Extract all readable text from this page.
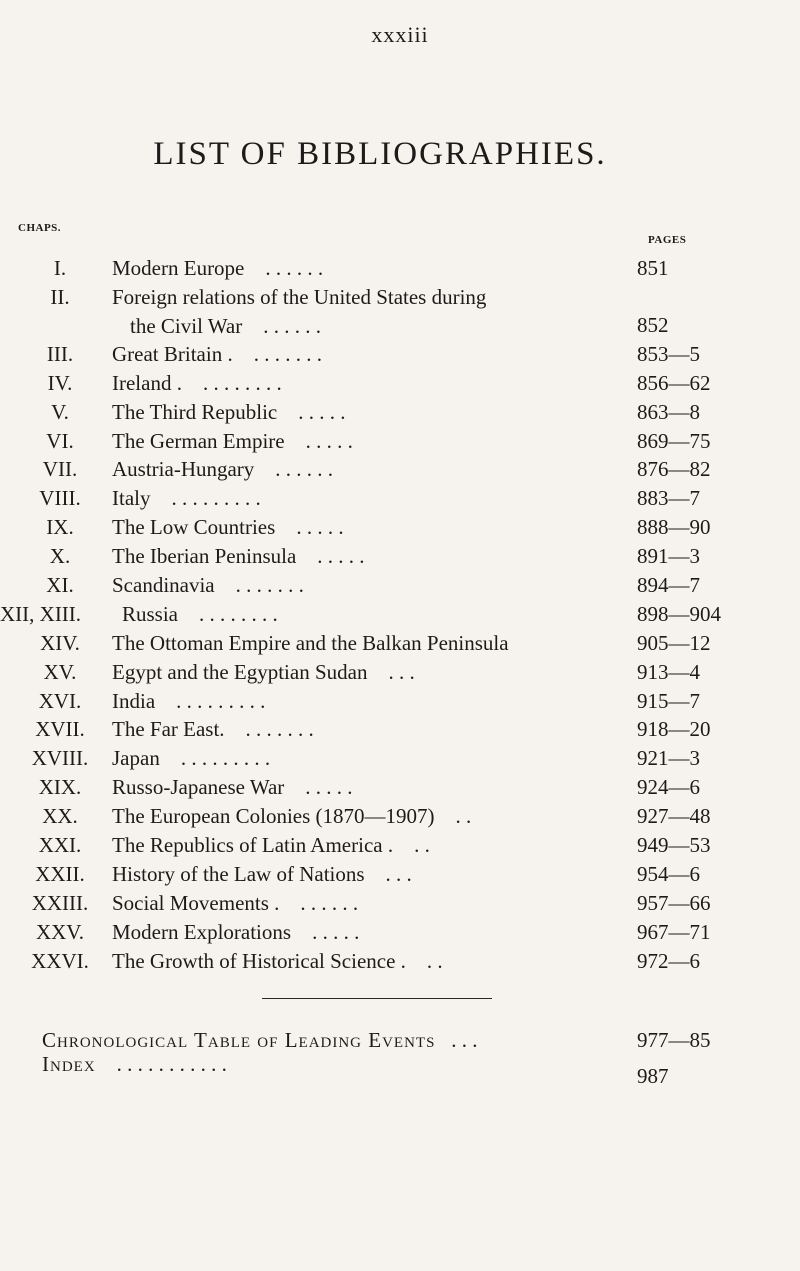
xxxiii
LIST OF BIBLIOGRAPHIES.
CHAPS.
PAGES
I.	Modern Europe . . . . . .	851
II.	Foreign relations of the United States during
the Civil War . . . . . .	852
III.	Great Britain . . . . . . . .	853—5
IV.	Ireland . . . . . . . . .	856—62
V.	The Third Republic . . . . .	863—8
VI.	The German Empire . . . . .	869—75
VII.	Austria-Hungary . . . . . .	876—82
VIII.	Italy . . . . . . . . .	883—7
IX.	The Low Countries . . . . .	888—90
X.	The Iberian Peninsula . . . . .	891—3
XI.	Scandinavia . . . . . . .	894—7
XII, XIII. Russia . . . . . . . .	898—904
XIV.	The Ottoman Empire and the Balkan Peninsula	905—12
XV.	Egypt and the Egyptian Sudan . . .	913—4
XVI.	India . . . . . . . . .	915—7
XVII.	The Far East. . . . . . . .	918—20
XVIII.	Japan . . . . . . . . .	921—3
XIX.	Russo-Japanese War . . . . .	924—6
XX.	The European Colonies (1870—1907) . .	927—48
XXI.	The Republics of Latin America . . .	949—53
XXII.	History of the Law of Nations . . .	954—6
XXIII.	Social Movements . . . . . . .	957—66
XXV.	Modern Explorations . . . . .	967—71
XXVI.	The Growth of Historical Science . . .	972—6
Chronological Table of Leading Events . . .	977—85
Index . . . . . . . . . . .	987
